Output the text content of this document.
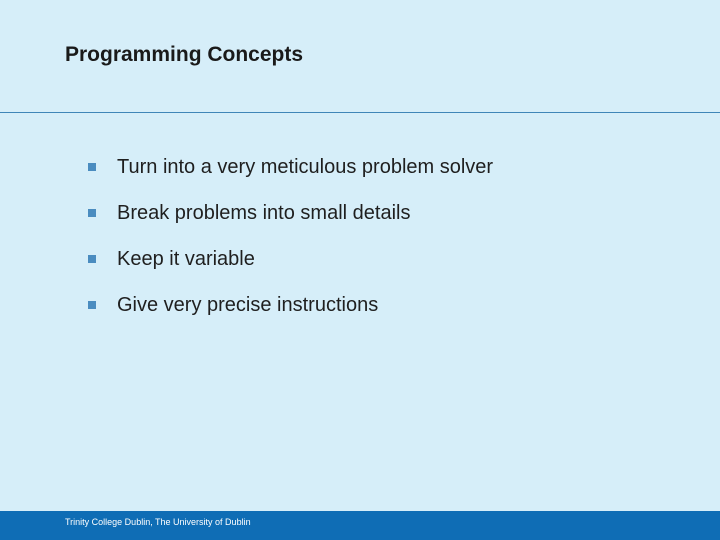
Programming Concepts
Turn into a very meticulous problem solver
Break problems into small details
Keep it variable
Give very precise instructions
Trinity College Dublin, The University of Dublin
